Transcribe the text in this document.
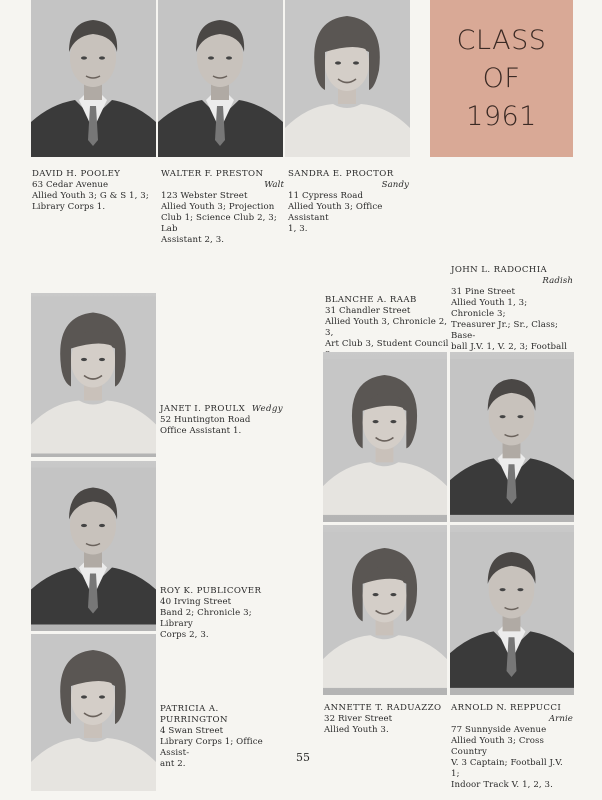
CLASS
OF
1961
DAVID H. POOLEY
63 Cedar Avenue
Allied Youth 3; G & S 1, 3;
Library Corps 1.
WALTER F. PRESTON
Walt
123 Webster Street
Allied Youth 3; Projection
Club 1; Science Club 2, 3; Lab
Assistant 2, 3.
SANDRA E. PROCTOR
Sandy
11 Cypress Road
Allied Youth 3; Office Assistant
1, 3.
JOHN L. RADOCHIA
Radish
31 Pine Street
Allied Youth 1, 3; Chronicle 3;
Treasurer Jr.; Sr., Class; Base-
ball J.V. 1, V. 2, 3; Football
BLANCHE A. RAAB
31 Chandler Street
Allied Youth 3, Chronicle 2, 3,
Art Club 3, Student Council
JANET I. PROULX Wedgy
52 Huntington Road
Office Assistant 1.
ROY K. PUBLICOVER
40 Irving Street
Band 2; Chronicle 3; Library
Corps 2, 3.
PATRICIA A.
PURRINGTON
4 Swan Street
Library Corps 1; Office Assist-
ant 2.
ANNETTE T. RADUAZZO
32 River Street
Allied Youth 3.
ARNOLD N. REPPUCCI
Arnie
77 Sunnyside Avenue
Allied Youth 3; Cross Country
V. 3 Captain; Football J.V. 1;
Indoor Track V. 1, 2, 3.
55
